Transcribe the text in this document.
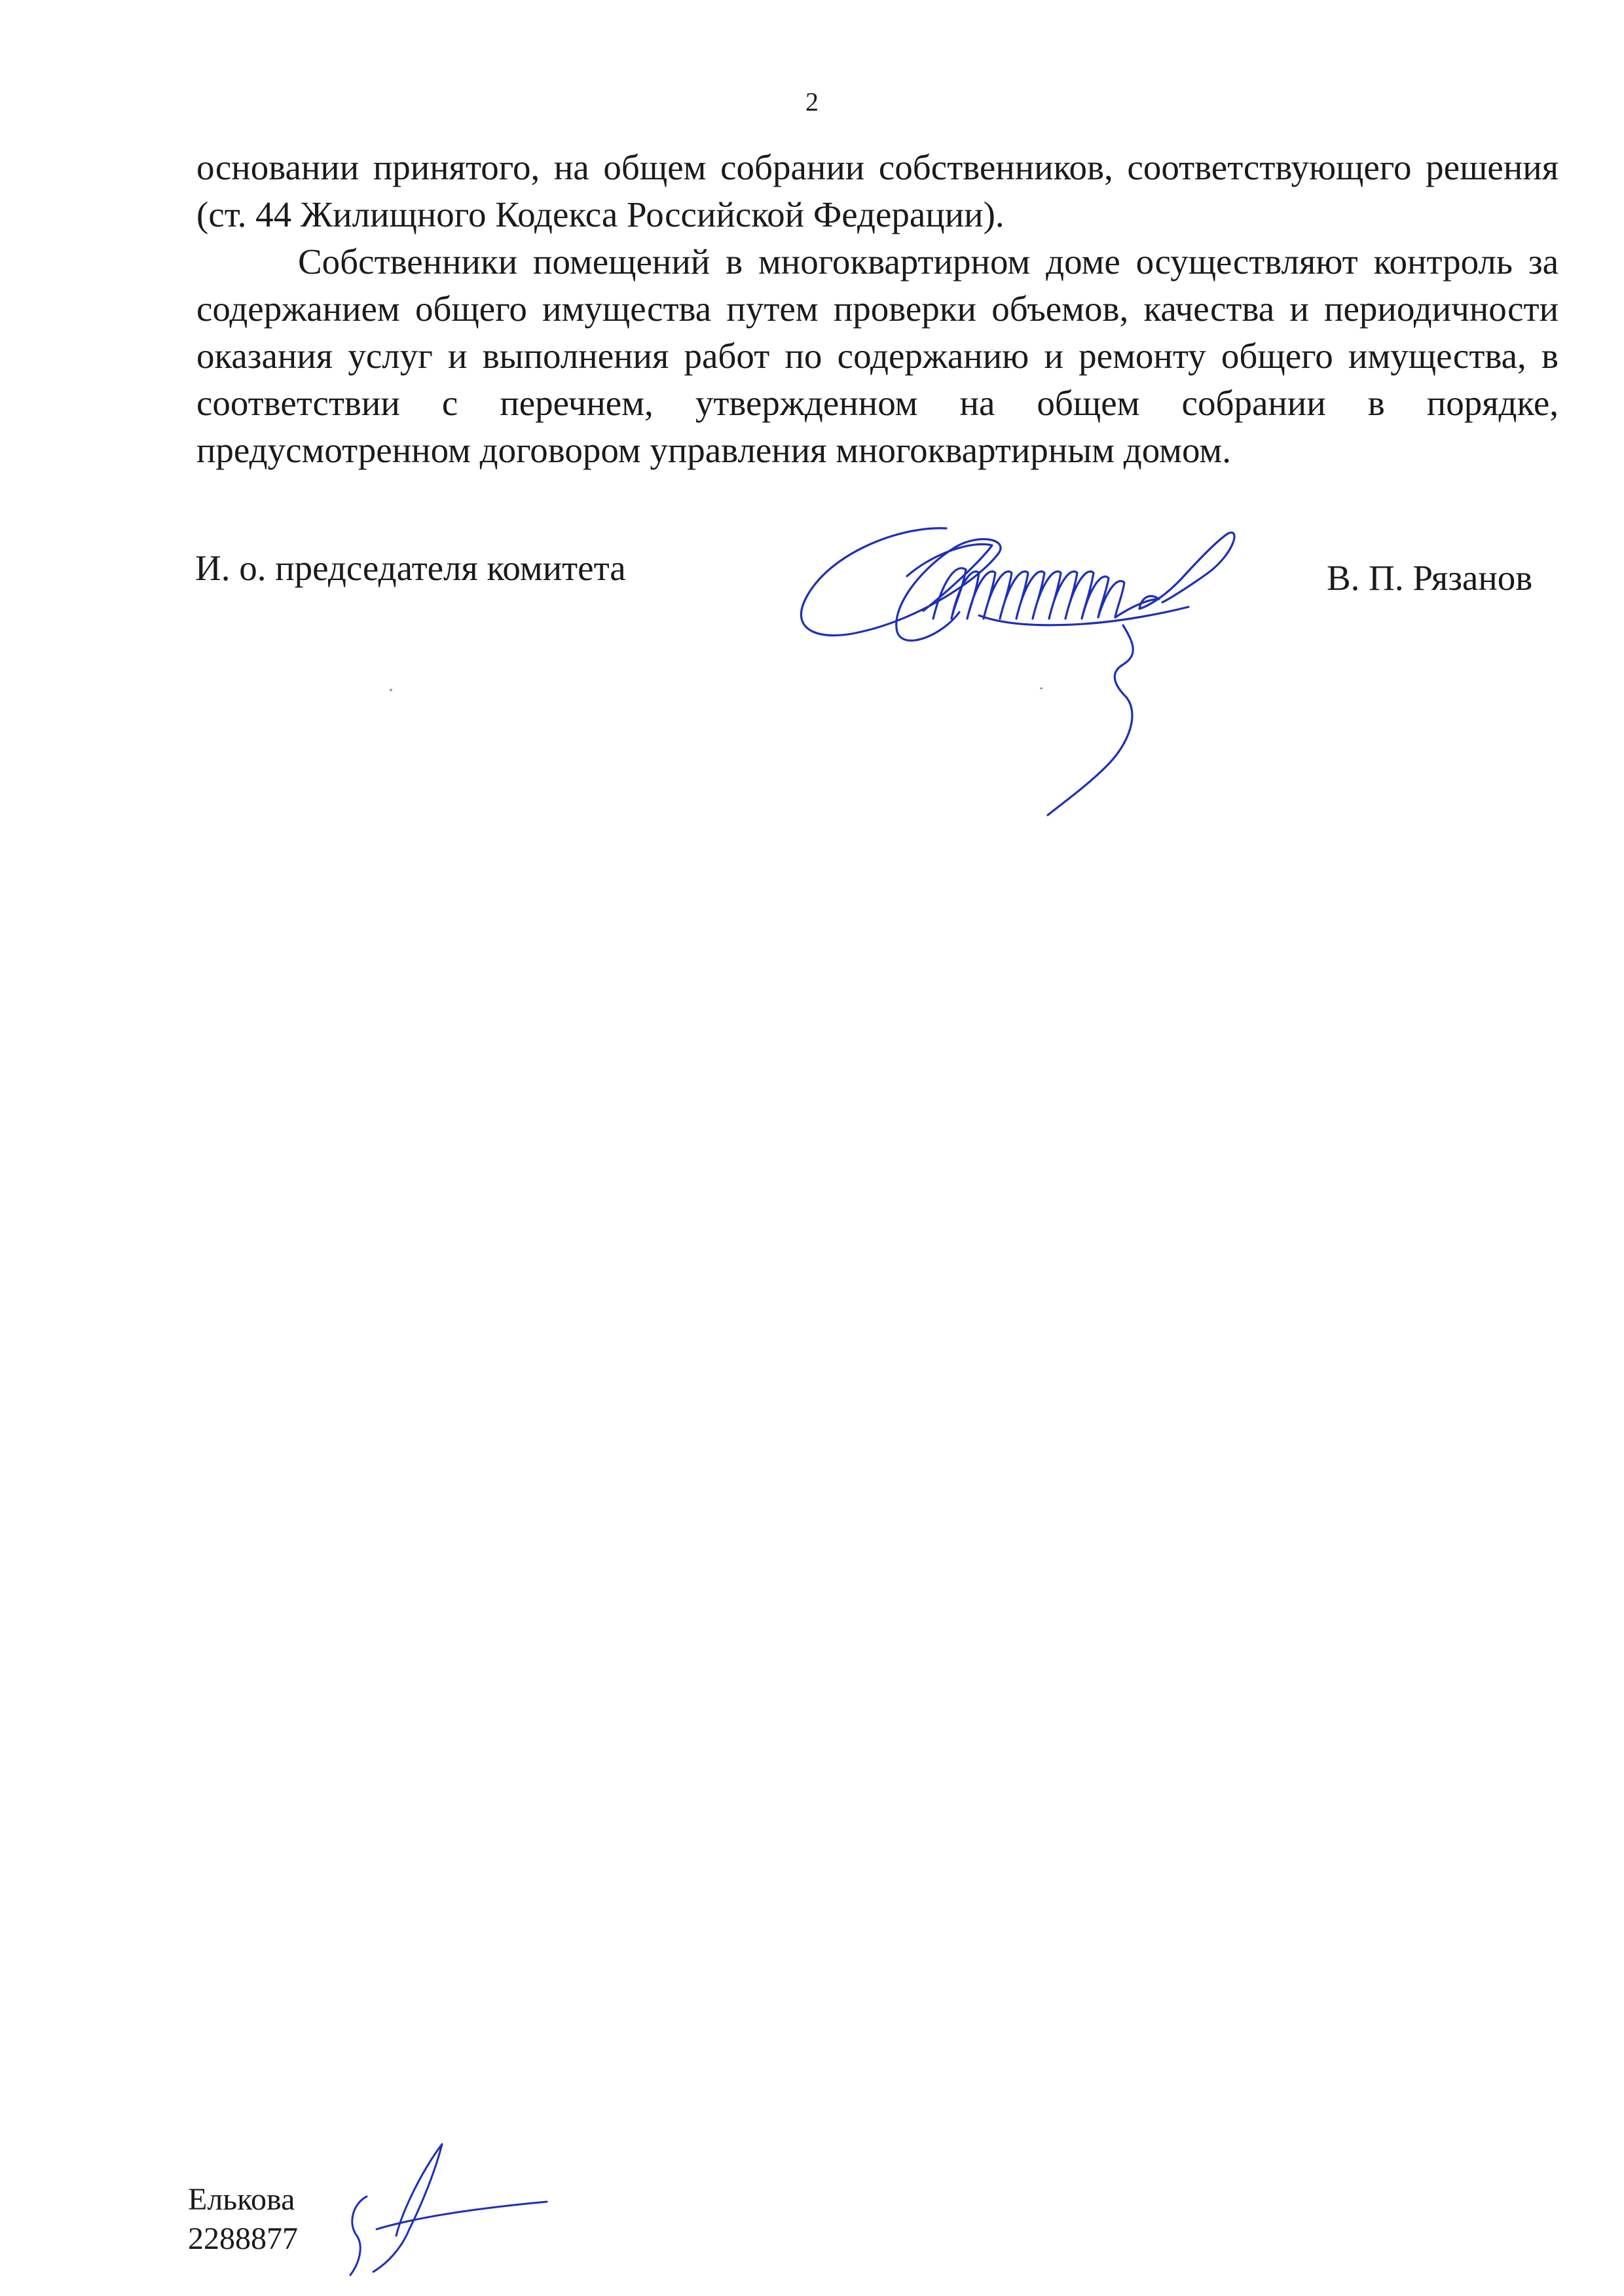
2

основании принятого, на общем собрании собственников, соответствующего решения (ст. 44 Жилищного Кодекса Российской Федерации).

Собственники помещений в многоквартирном доме осуществляют контроль за содержанием общего имущества путем проверки объемов, качества и периодичности оказания услуг и выполнения работ по содержанию и ремонту общего имущества, в соответствии с перечнем, утвержденном на общем собрании в порядке, предусмотренном договором управления многоквартирным домом.

И. о. председателя комитета	В. П. Рязанов
Елькова
2288877
